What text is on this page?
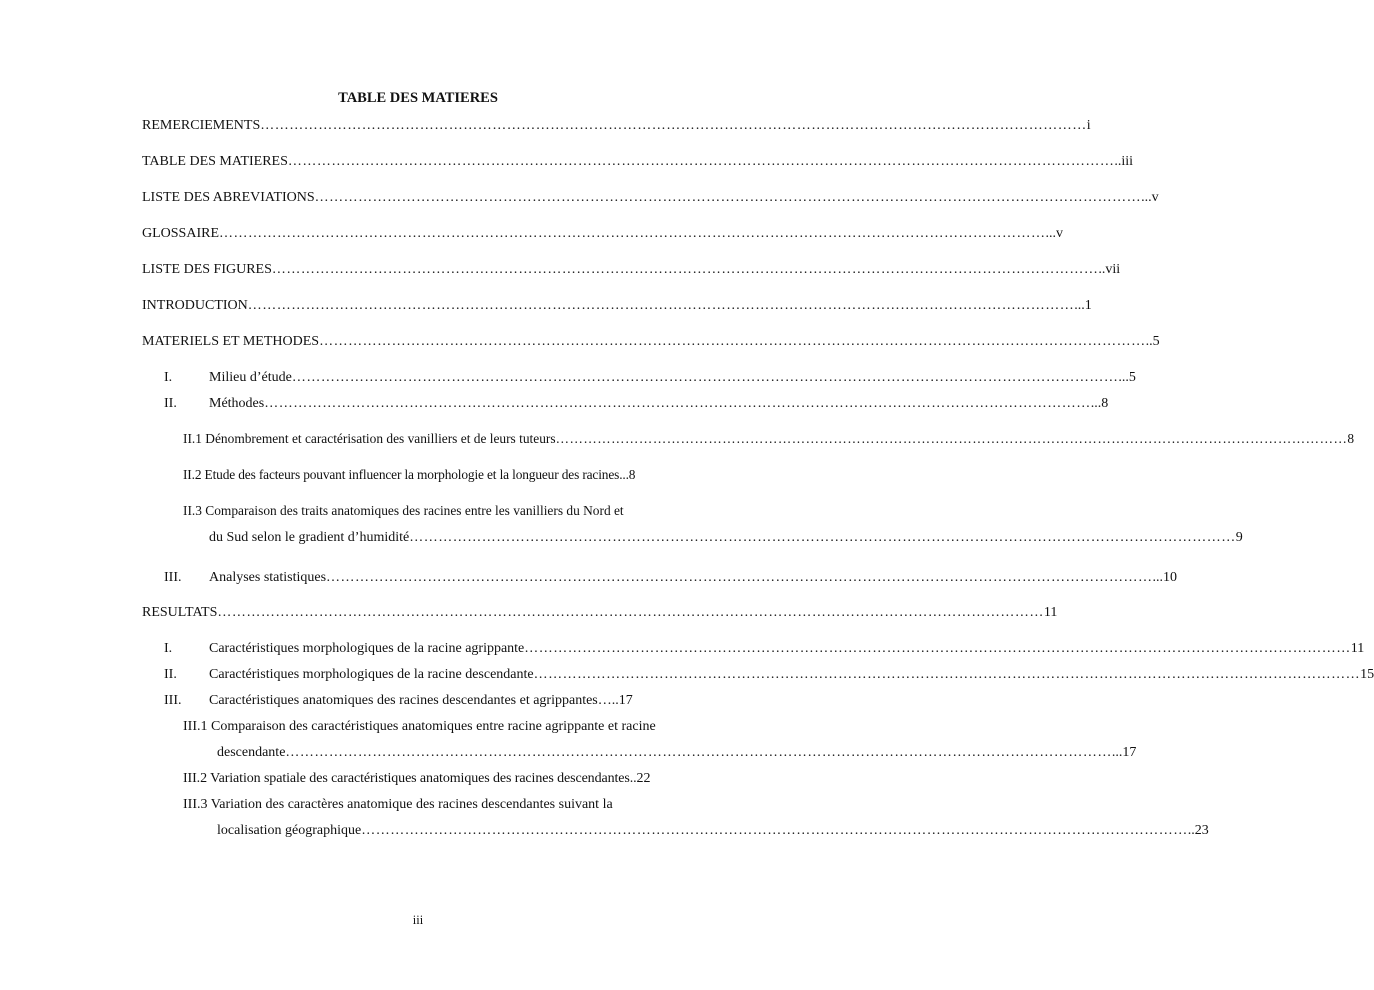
TABLE DES MATIERES
REMERCIEMENTS ……………………………………………………………………………………………………………………………………………………… i
TABLE DES MATIERES ……………………………………………………………………………………………………………………………………………………… ..iii
LISTE DES ABREVIATIONS ……………………………………………………………………………………………………………………………………………………… ...v
GLOSSAIRE ……………………………………………………………………………………………………………………………………………………… ...v
LISTE DES FIGURES ……………………………………………………………………………………………………………………………………………………… ..vii
INTRODUCTION ……………………………………………………………………………………………………………………………………………………… ...1
MATERIELS ET METHODES ……………………………………………………………………………………………………………………………………………………… ..5
I.	Milieu d’étude ……………………………………………………………………………………………………………………………………………………… ...5
II. Méthodes ……………………………………………………………………………………………………………………………………………………… ...8
II.1 Dénombrement et caractérisation des vanilliers et de leurs tuteurs ……………………………………………………………………………………………………………………………………………………… 8
II.2 Etude des facteurs pouvant influencer la morphologie et la longueur des racines...8
II.3 Comparaison des traits anatomiques des racines entre les vanilliers du Nord et
du Sud selon le gradient d’humidité ……………………………………………………………………………………………………………………………………………………… 9
III. Analyses statistiques ……………………………………………………………………………………………………………………………………………………… ...10
RESULTATS ……………………………………………………………………………………………………………………………………………………… 11
I.	Caractéristiques morphologiques de la racine agrippante ……………………………………………………………………………………………………………………………………………………… 11
II. Caractéristiques morphologiques de la racine descendante ……………………………………………………………………………………………………………………………………………………… 15
III. Caractéristiques anatomiques des racines descendantes et agrippantes …..17
III.1 Comparaison des caractéristiques anatomiques entre racine agrippante et racine
descendante ……………………………………………………………………………………………………………………………………………………… ...17
III.2 Variation spatiale des caractéristiques anatomiques des racines descendantes..22
III.3 Variation des caractères anatomique des racines descendantes suivant la
localisation géographique ……………………………………………………………………………………………………………………………………………………… ..23
iii
